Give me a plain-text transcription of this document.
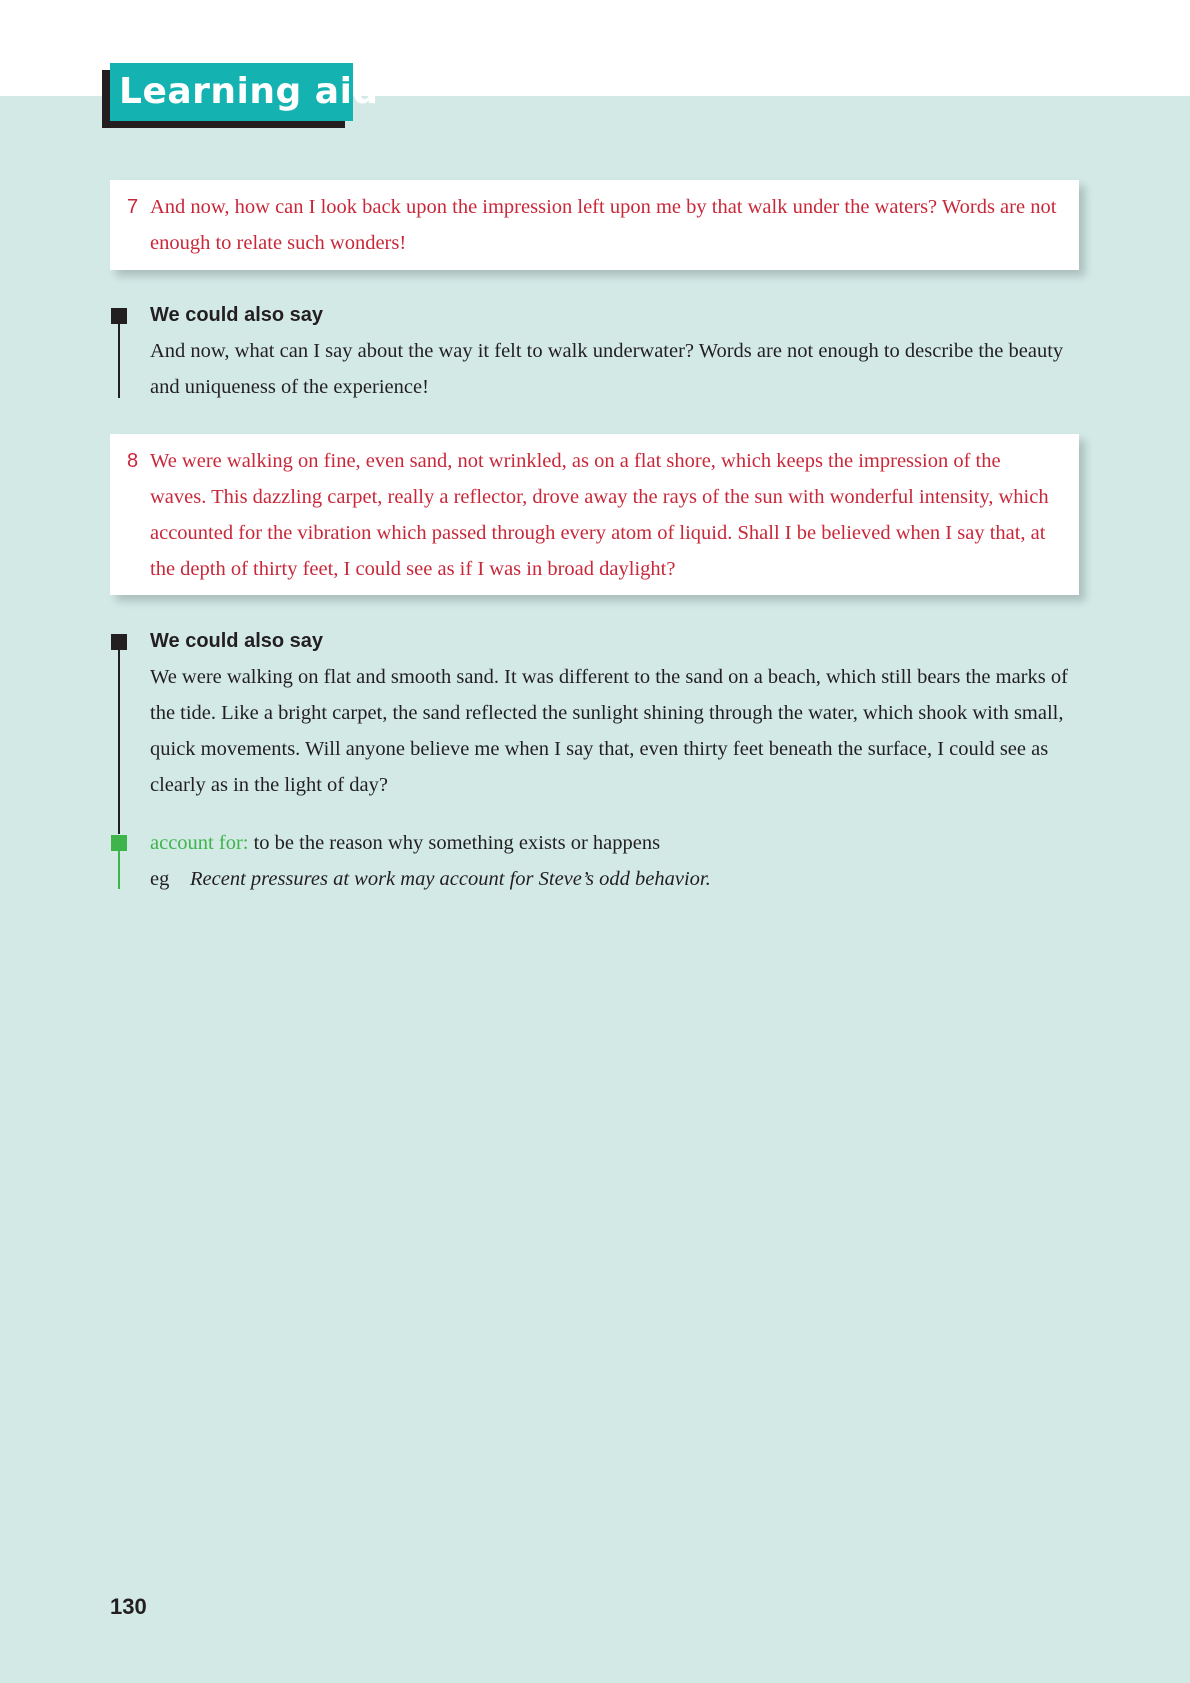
Learning aid
7 And now, how can I look back upon the impression left upon me by that walk under the waters? Words are not enough to relate such wonders!

We could also say

And now, what can I say about the way it felt to walk underwater? Words are not enough to describe the beauty and uniqueness of the experience!

8 We were walking on fine, even sand, not wrinkled, as on a flat shore, which keeps the impression of the waves. This dazzling carpet, really a reflector, drove away the rays of the sun with wonderful intensity, which accounted for the vibration which passed through every atom of liquid. Shall I be believed when I say that, at the depth of thirty feet, I could see as if I was in broad daylight?

We could also say

We were walking on flat and smooth sand. It was different to the sand on a beach, which still bears the marks of the tide. Like a bright carpet, the sand reflected the sunlight shining through the water, which shook with small, quick movements. Will anyone believe me when I say that, even thirty feet beneath the surface, I could see as clearly as in the light of day?

account for: to be the reason why something exists or happens

eg Recent pressures at work may account for Steve’s odd behavior.

130
